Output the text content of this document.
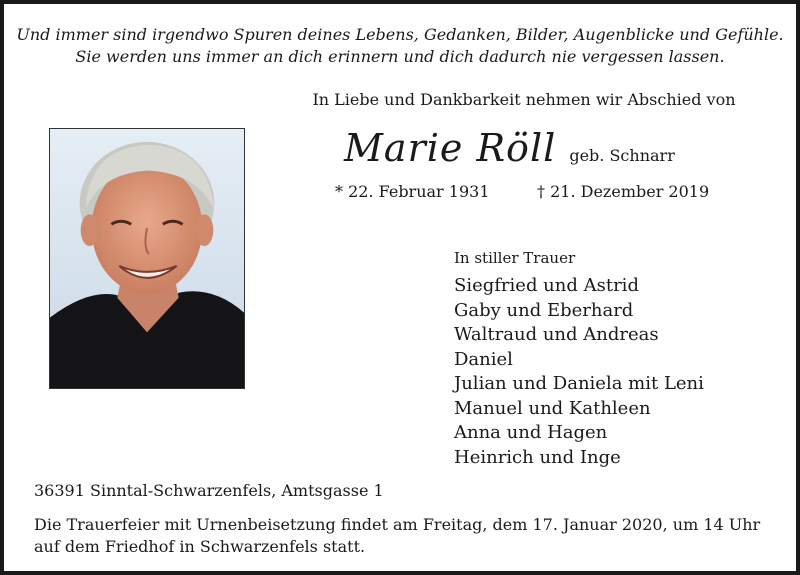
Und immer sind irgendwo Spuren deines Lebens, Gedanken, Bilder, Augenblicke und Gefühle.
Sie werden uns immer an dich erinnern und dich dadurch nie vergessen lassen.
In Liebe und Dankbarkeit nehmen wir Abschied von
Marie Röll geb. Schnarr
* 22. Februar 1931	† 21. Dezember 2019
In stiller Trauer
Siegfried und Astrid
Gaby und Eberhard
Waltraud und Andreas
Daniel
Julian und Daniela mit Leni
Manuel und Kathleen
Anna und Hagen
Heinrich und Inge
36391 Sinntal-Schwarzenfels, Amtsgasse 1
Die Trauerfeier mit Urnenbeisetzung findet am Freitag, dem 17. Januar 2020, um 14 Uhr auf dem Friedhof in Schwarzenfels statt.
